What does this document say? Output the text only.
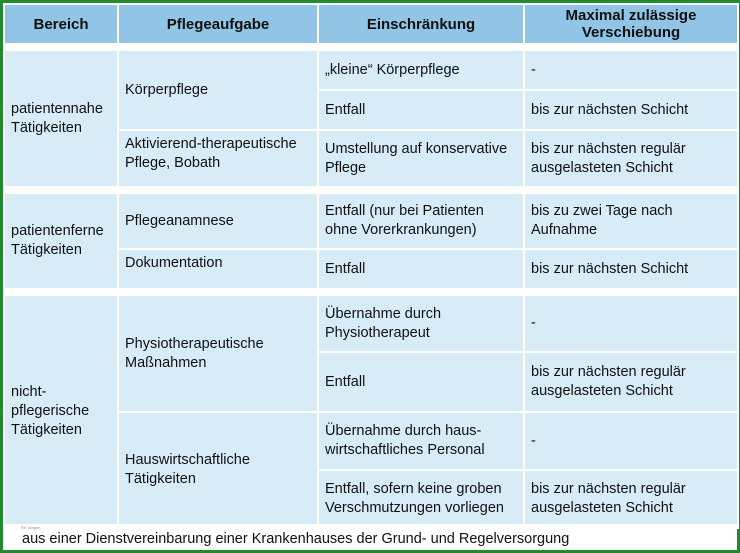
Bereich	Pflegeaufgabe	Einschränkung	Maximal zulässige Verschiebung

patientennahe Tätigkeiten	Körperpflege	„kleine“ Körperpflege	-
		Entfall	bis zur nächsten Schicht
	Aktivierend-therapeutische Pflege, Bobath	Umstellung auf konservative Pflege	bis zur nächsten regulär ausgelasteten Schicht

patientenferne Tätigkeiten	Pflegeanamnese	Entfall (nur bei Patienten ohne Vorerkrankungen)	bis zu zwei Tage nach Aufnahme
	Dokumentation	Entfall	bis zur nächsten Schicht

nicht-pflegerische Tätigkeiten	Physiotherapeutische Maßnahmen	Übernahme durch Physiotherapeut	-
		Entfall	bis zur nächsten regulär ausgelasteten Schicht
	Hauswirtschaftliche Tätigkeiten	Übernahme durch haus-wirtschaftliches Personal	-
		Entfall, sofern keine groben Verschmutzungen vorliegen	bis zur nächsten regulär ausgelasteten Schicht
RK-Wagen
aus einer Dienstvereinbarung einer Krankenhauses der Grund- und Regelversorgung
